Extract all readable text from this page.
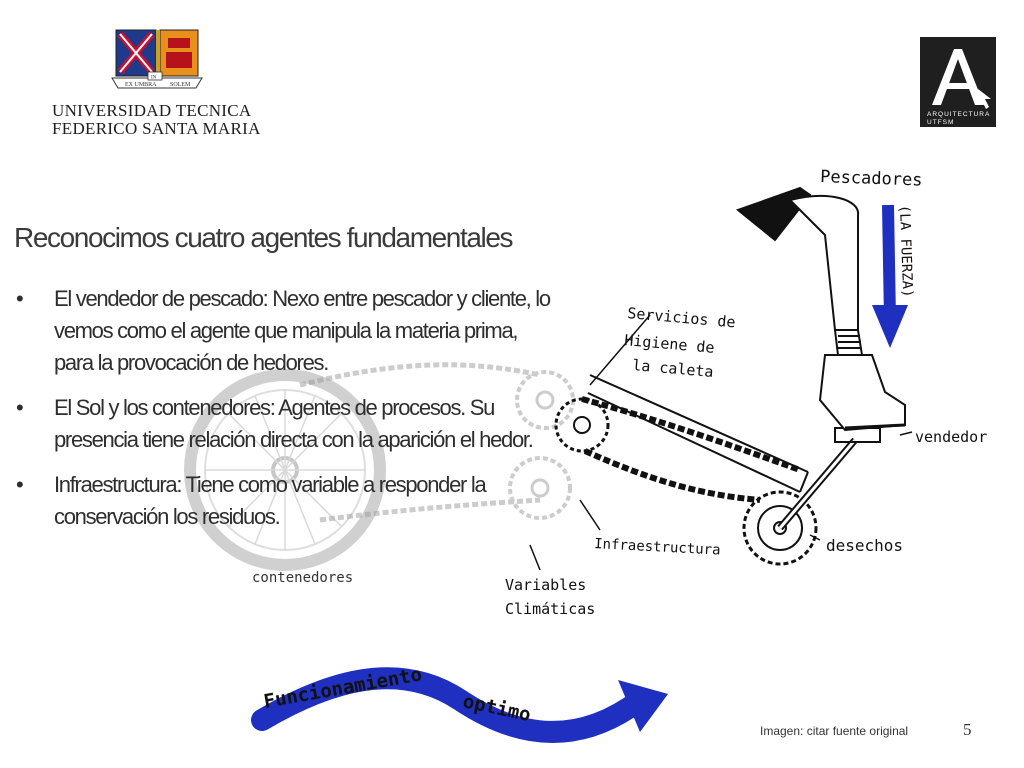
EX UMBRA
IN
SOLEM
UNIVERSIDAD TECNICA
FEDERICO SANTA MARIA
ARQUITECTURA
UTFSM
Pescadores
(LA FUERZA)
Servicios de
Higiene de
la caleta
vendedor
desechos
Infraestructura
Variables
Climáticas
contenedores
Funcionamiento optimo
Reconocimos cuatro agentes fundamentales
• El vendedor de pescado: Nexo entre pescador y cliente, lo vemos como el agente que manipula la materia prima, para la provocación de hedores.
• El Sol y los contenedores: Agentes de procesos. Su presencia tiene relación directa con la aparición el hedor.
• Infraestructura: Tiene como variable a responder la conservación los residuos.
Imagen: citar fuente original	5
